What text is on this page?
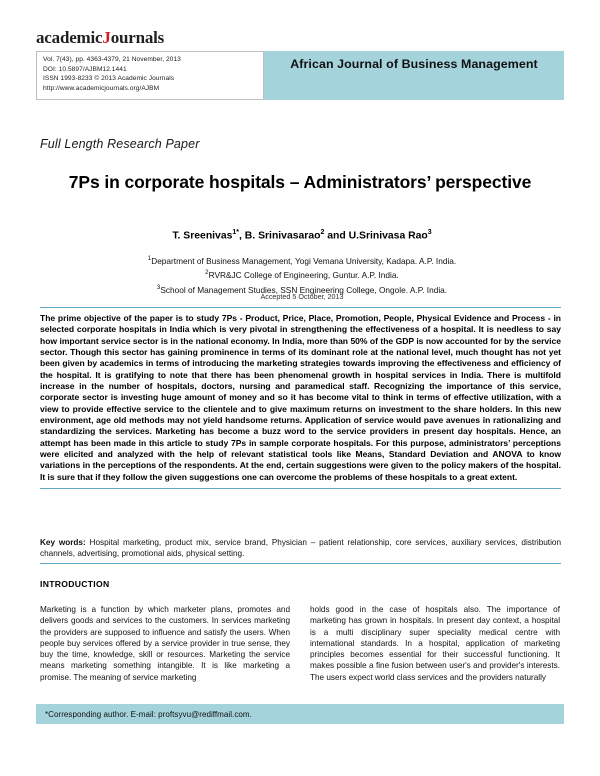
academicJournals
Vol. 7(43), pp. 4363-4379, 21 November, 2013
DOI: 10.5897/AJBM12.1441
ISSN 1993-8233 © 2013 Academic Journals
http://www.academicjournals.org/AJBM
African Journal of Business Management
Full Length Research Paper
7Ps in corporate hospitals – Administrators’ perspective
T. Sreenivas$^{1*}$, B. Srinivasarao$^2$ and U.Srinivasa Rao$^3$
$^1$Department of Business Management, Yogi Vemana University, Kadapa. A.P. India.
$^2$RVR&JC College of Engineering, Guntur. A.P. India.
$^3$School of Management Studies, SSN Engineering College, Ongole. A.P. India.
Accepted 5 October, 2013
The prime objective of the paper is to study 7Ps - Product, Price, Place, Promotion, People, Physical Evidence and Process - in selected corporate hospitals in India which is very pivotal in strengthening the effectiveness of a hospital. It is needless to say how important service sector is in the national economy. In India, more than 50% of the GDP is now accounted for by the service sector. Though this sector has gaining prominence in terms of its dominant role at the national level, much thought has not yet been given by academics in terms of introducing the marketing strategies towards improving the effectiveness and efficiency of the hospital. It is gratifying to note that there has been phenomenal growth in hospital services in India. There is multifold increase in the number of hospitals, doctors, nursing and paramedical staff. Recognizing the importance of this service, corporate sector is investing huge amount of money and so it has become vital to think in terms of effective utilization, with a view to provide effective service to the clientele and to give maximum returns on investment to the share holders. In this new environment, age old methods may not yield handsome returns. Application of service would pave avenues in rationalizing and standardizing the services. Marketing has become a buzz word to the service providers in present day hospitals. Hence, an attempt has been made in this article to study 7Ps in sample corporate hospitals. For this purpose, administrators’ perceptions were elicited and analyzed with the help of relevant statistical tools like Means, Standard Deviation and ANOVA to know variations in the perceptions of the respondents. At the end, certain suggestions were given to the policy makers of the hospital. It is sure that if they follow the given suggestions one can overcome the problems of these hospitals to a great extent.
Key words: Hospital marketing, product mix, service brand, Physician – patient relationship, core services, auxiliary services, distribution channels, advertising, promotional aids, physical setting.
INTRODUCTION
Marketing is a function by which marketer plans, promotes and delivers goods and services to the customers. In services marketing the providers are supposed to influence and satisfy the users. When people buy services offered by a service provider in true sense, they buy the time, knowledge, skill or resources. Marketing the service means marketing something intangible. It is like marketing a promise. The meaning of service marketing
holds good in the case of hospitals also. The importance of marketing has grown in hospitals. In present day context, a hospital is a multi disciplinary super speciality medical centre with international standards. In a hospital, application of marketing principles becomes essential for their successful functioning. It makes possible a fine fusion between user's and provider's interests. The users expect world class services and the providers naturally
*Corresponding author. E-mail: proftsyvu@rediffmail.com.
